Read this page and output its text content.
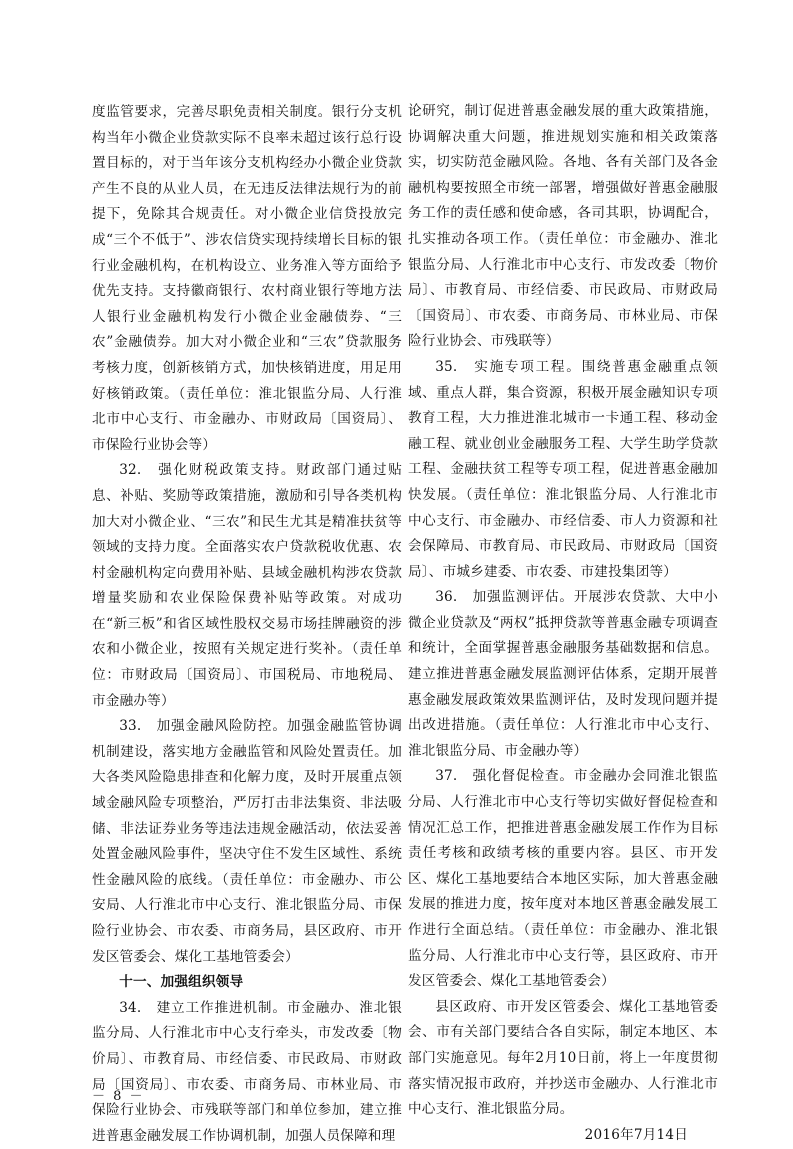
度监管要求，完善尽职免责相关制度。银行分支机构当年小微企业贷款实际不良率未超过该行总行设置目标的，对于当年该分支机构经办小微企业贷款产生不良的从业人员，在无违反法律法规行为的前提下，免除其合规责任。对小微企业信贷投放完成“三个不低于”、涉农信贷实现持续增长目标的银行业金融机构，在机构设立、业务准入等方面给予优先支持。支持徽商银行、农村商业银行等地方法人银行业金融机构发行小微企业金融债券、“三农”金融债券。加大对小微企业和“三农”贷款服务考核力度，创新核销方式，加快核销进度，用足用好核销政策。（责任单位：淮北银监分局、人行淮北市中心支行、市金融办、市财政局〔国资局〕、市保险行业协会等）

32.　强化财税政策支持。财政部门通过贴息、补贴、奖励等政策措施，激励和引导各类机构加大对小微企业、“三农”和民生尤其是精准扶贫等领域的支持力度。全面落实农户贷款税收优惠、农村金融机构定向费用补贴、县域金融机构涉农贷款增量奖励和农业保险保费补贴等政策。对成功在“新三板”和省区域性股权交易市场挂牌融资的涉农和小微企业，按照有关规定进行奖补。（责任单位：市财政局〔国资局〕、市国税局、市地税局、市金融办等）

33.　加强金融风险防控。加强金融监管协调机制建设，落实地方金融监管和风险处置责任。加大各类风险隐患排查和化解力度，及时开展重点领域金融风险专项整治，严厉打击非法集资、非法吸储、非法证券业务等违法违规金融活动，依法妥善处置金融风险事件，坚决守住不发生区域性、系统性金融风险的底线。（责任单位：市金融办、市公安局、人行淮北市中心支行、淮北银监分局、市保险行业协会、市农委、市商务局，县区政府、市开发区管委会、煤化工基地管委会）

十一、加强组织领导

34.　建立工作推进机制。市金融办、淮北银监分局、人行淮北市中心支行牵头，市发改委〔物价局〕、市教育局、市经信委、市民政局、市财政局〔国资局〕、市农委、市商务局、市林业局、市保险行业协会、市残联等部门和单位参加，建立推进普惠金融发展工作协调机制，加强人员保障和理

论研究，制订促进普惠金融发展的重大政策措施，协调解决重大问题，推进规划实施和相关政策落实，切实防范金融风险。各地、各有关部门及各金融机构要按照全市统一部署，增强做好普惠金融服务工作的责任感和使命感，各司其职，协调配合，扎实推动各项工作。（责任单位：市金融办、淮北银监分局、人行淮北市中心支行、市发改委〔物价局〕、市教育局、市经信委、市民政局、市财政局〔国资局〕、市农委、市商务局、市林业局、市保险行业协会、市残联等）

35.　实施专项工程。围绕普惠金融重点领域、重点人群，集合资源，积极开展金融知识专项教育工程，大力推进淮北城市一卡通工程、移动金融工程、就业创业金融服务工程、大学生助学贷款工程、金融扶贫工程等专项工程，促进普惠金融加快发展。（责任单位：淮北银监分局、人行淮北市中心支行、市金融办、市经信委、市人力资源和社会保障局、市教育局、市民政局、市财政局〔国资局〕、市城乡建委、市农委、市建投集团等）

36.　加强监测评估。开展涉农贷款、大中小微企业贷款及“两权”抵押贷款等普惠金融专项调查和统计，全面掌握普惠金融服务基础数据和信息。建立推进普惠金融发展监测评估体系，定期开展普惠金融发展政策效果监测评估，及时发现问题并提出改进措施。（责任单位：人行淮北市中心支行、淮北银监分局、市金融办等）

37.　强化督促检查。市金融办会同淮北银监分局、人行淮北市中心支行等切实做好督促检查和情况汇总工作，把推进普惠金融发展工作作为目标责任考核和政绩考核的重要内容。县区、市开发区、煤化工基地要结合本地区实际，加大普惠金融发展的推进力度，按年度对本地区普惠金融发展工作进行全面总结。（责任单位：市金融办、淮北银监分局、人行淮北市中心支行等，县区政府、市开发区管委会、煤化工基地管委会）

县区政府、市开发区管委会、煤化工基地管委会、市有关部门要结合各自实际，制定本地区、本部门实施意见。每年2月10日前，将上一年度贯彻落实情况报市政府，并抄送市金融办、人行淮北市中心支行、淮北银监分局。

2016年7月14日

－ 8 －
